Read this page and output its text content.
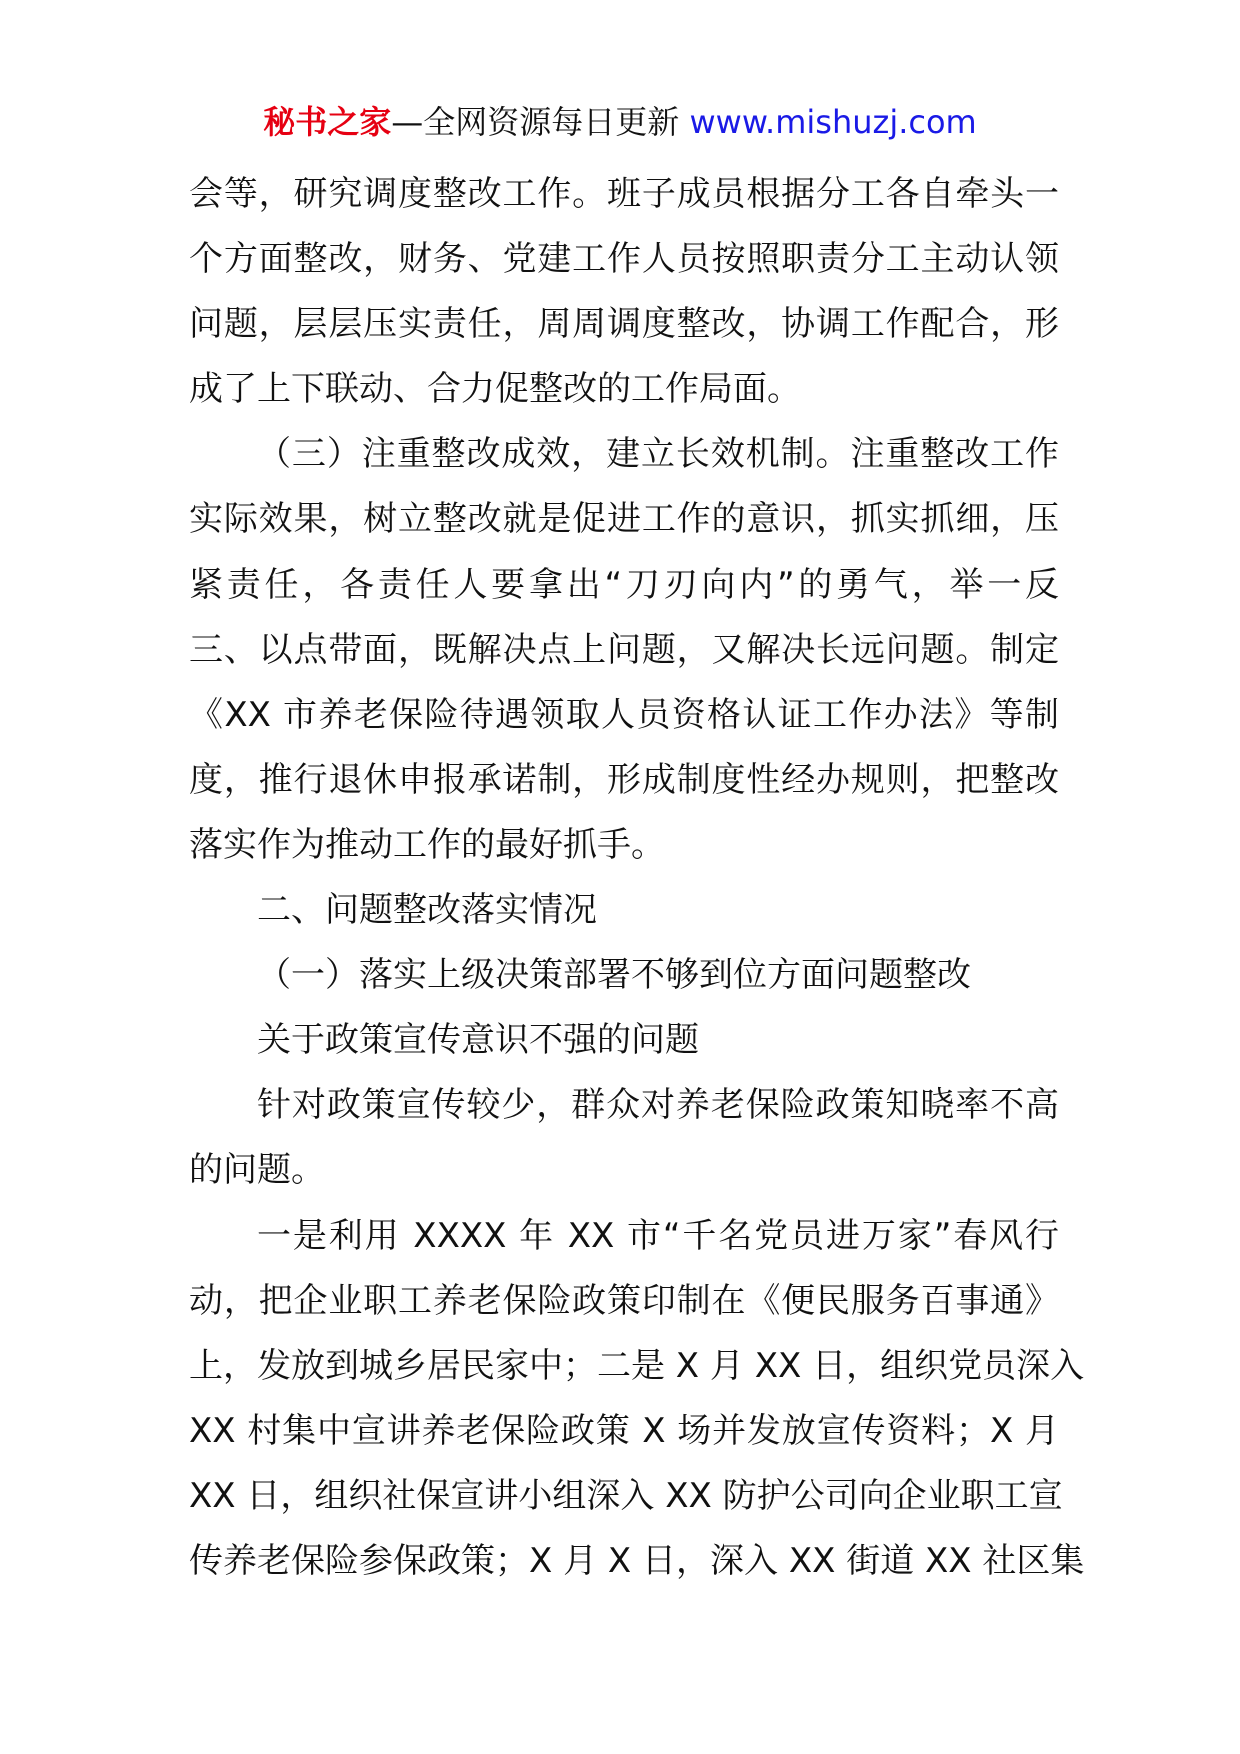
秘书之家—全网资源每日更新 www.mishuzj.com
会等，研究调度整改工作。班子成员根据分工各自牵头一
个方面整改，财务、党建工作人员按照职责分工主动认领
问题，层层压实责任，周周调度整改，协调工作配合，形
成了上下联动、合力促整改的工作局面。
（三）注重整改成效，建立长效机制。注重整改工作
实际效果，树立整改就是促进工作的意识，抓实抓细，压
紧责任，各责任人要拿出“刀刃向内”的勇气，举一反
三、以点带面，既解决点上问题，又解决长远问题。制定
《XX 市养老保险待遇领取人员资格认证工作办法》等制
度，推行退休申报承诺制，形成制度性经办规则，把整改
落实作为推动工作的最好抓手。
二、问题整改落实情况
（一）落实上级决策部署不够到位方面问题整改
关于政策宣传意识不强的问题
针对政策宣传较少，群众对养老保险政策知晓率不高
的问题。
一是利用 XXXX 年 XX 市“千名党员进万家”春风行
动，把企业职工养老保险政策印制在《便民服务百事通》
上，发放到城乡居民家中；二是 X 月 XX 日，组织党员深入
XX 村集中宣讲养老保险政策 X 场并发放宣传资料；X 月
XX 日，组织社保宣讲小组深入 XX 防护公司向企业职工宣
传养老保险参保政策；X 月 X 日，深入 XX 街道 XX 社区集
